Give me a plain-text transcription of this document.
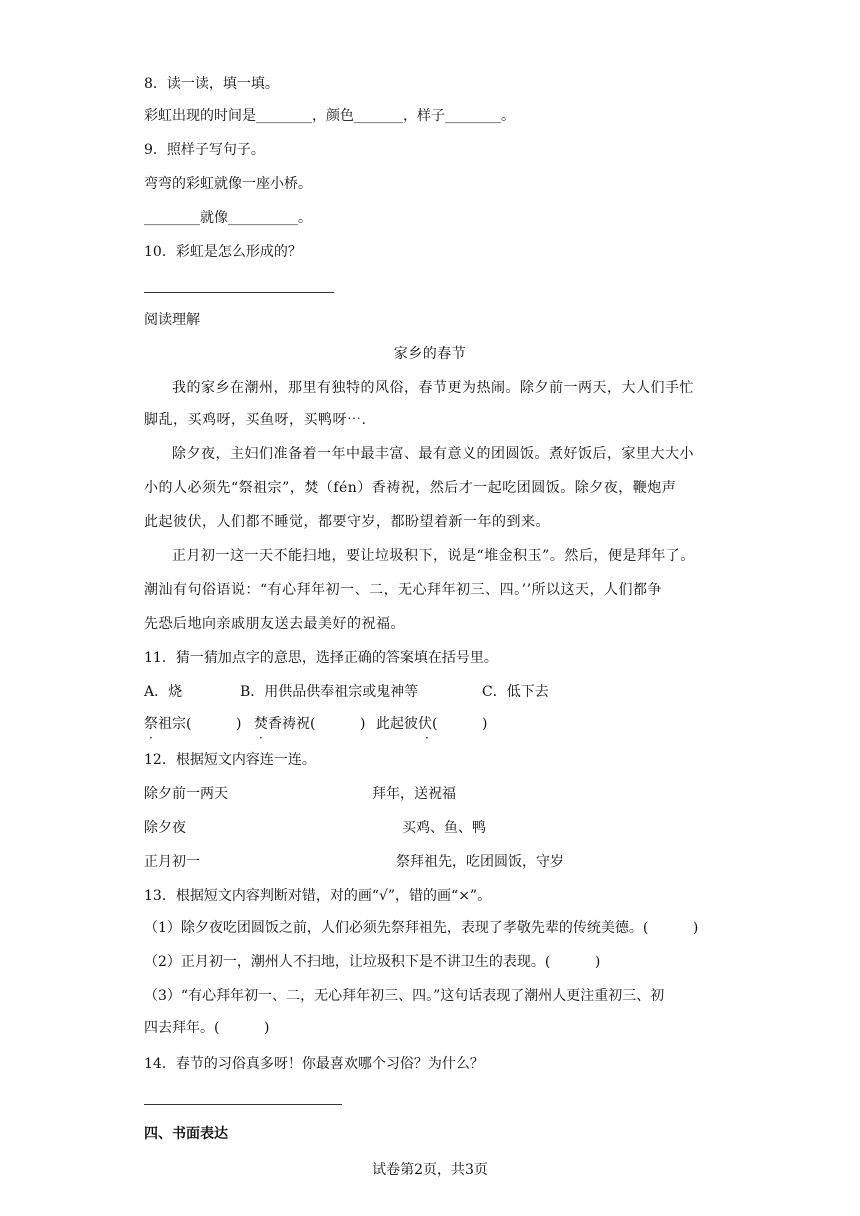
8．读一读，填一填。
彩虹出现的时间是________，颜色_______，样子________。
9．照样子写句子。
弯弯的彩虹就像一座小桥。
________就像__________。
10．彩虹是怎么形成的？
阅读理解
家乡的春节
我的家乡在潮州，那里有独特的风俗，春节更为热闹。除夕前一两天，大人们手忙
脚乱，买鸡呀，买鱼呀，买鸭呀⋯.
除夕夜，主妇们准备着一年中最丰富、最有意义的团圆饭。煮好饭后，家里大大小
小的人必须先“祭祖宗”，焚（fén）香祷祝，然后才一起吃团圆饭。除夕夜，鞭炮声
此起彼伏，人们都不睡觉，都要守岁，都盼望着新一年的到来。
正月初一这一天不能扫地，要让垃圾积下，说是“堆金积玉”。然后，便是拜年了。
潮汕有句俗语说：“有心拜年初一、二，无心拜年初三、四。’’所以这天，人们都争
先恐后地向亲戚朋友送去最美好的祝福。
11．猜一猜加点字的意思，选择正确的答案填在括号里。
A．烧	B．用供品供奉祖宗或鬼神等	C．低下去
祭祖宗(          ) 焚香祷祝(          ) 此起彼伏(          )
·	·	·
12．根据短文内容连一连。
除夕前一两天	拜年，送祝福
除夕夜	买鸡、鱼、鸭
正月初一	祭拜祖先，吃团圆饭，守岁
13．根据短文内容判断对错，对的画“√”，错的画“×”。
（1）除夕夜吃团圆饭之前，人们必须先祭拜祖先，表现了孝敬先辈的传统美德。(          )
（2）正月初一，潮州人不扫地，让垃圾积下是不讲卫生的表现。(          )
（3）“有心拜年初一、二，无心拜年初三、四。”这句话表现了潮州人更注重初三、初
四去拜年。(          )
14．春节的习俗真多呀！你最喜欢哪个习俗？为什么？
四、书面表达
试卷第2页，共3页
